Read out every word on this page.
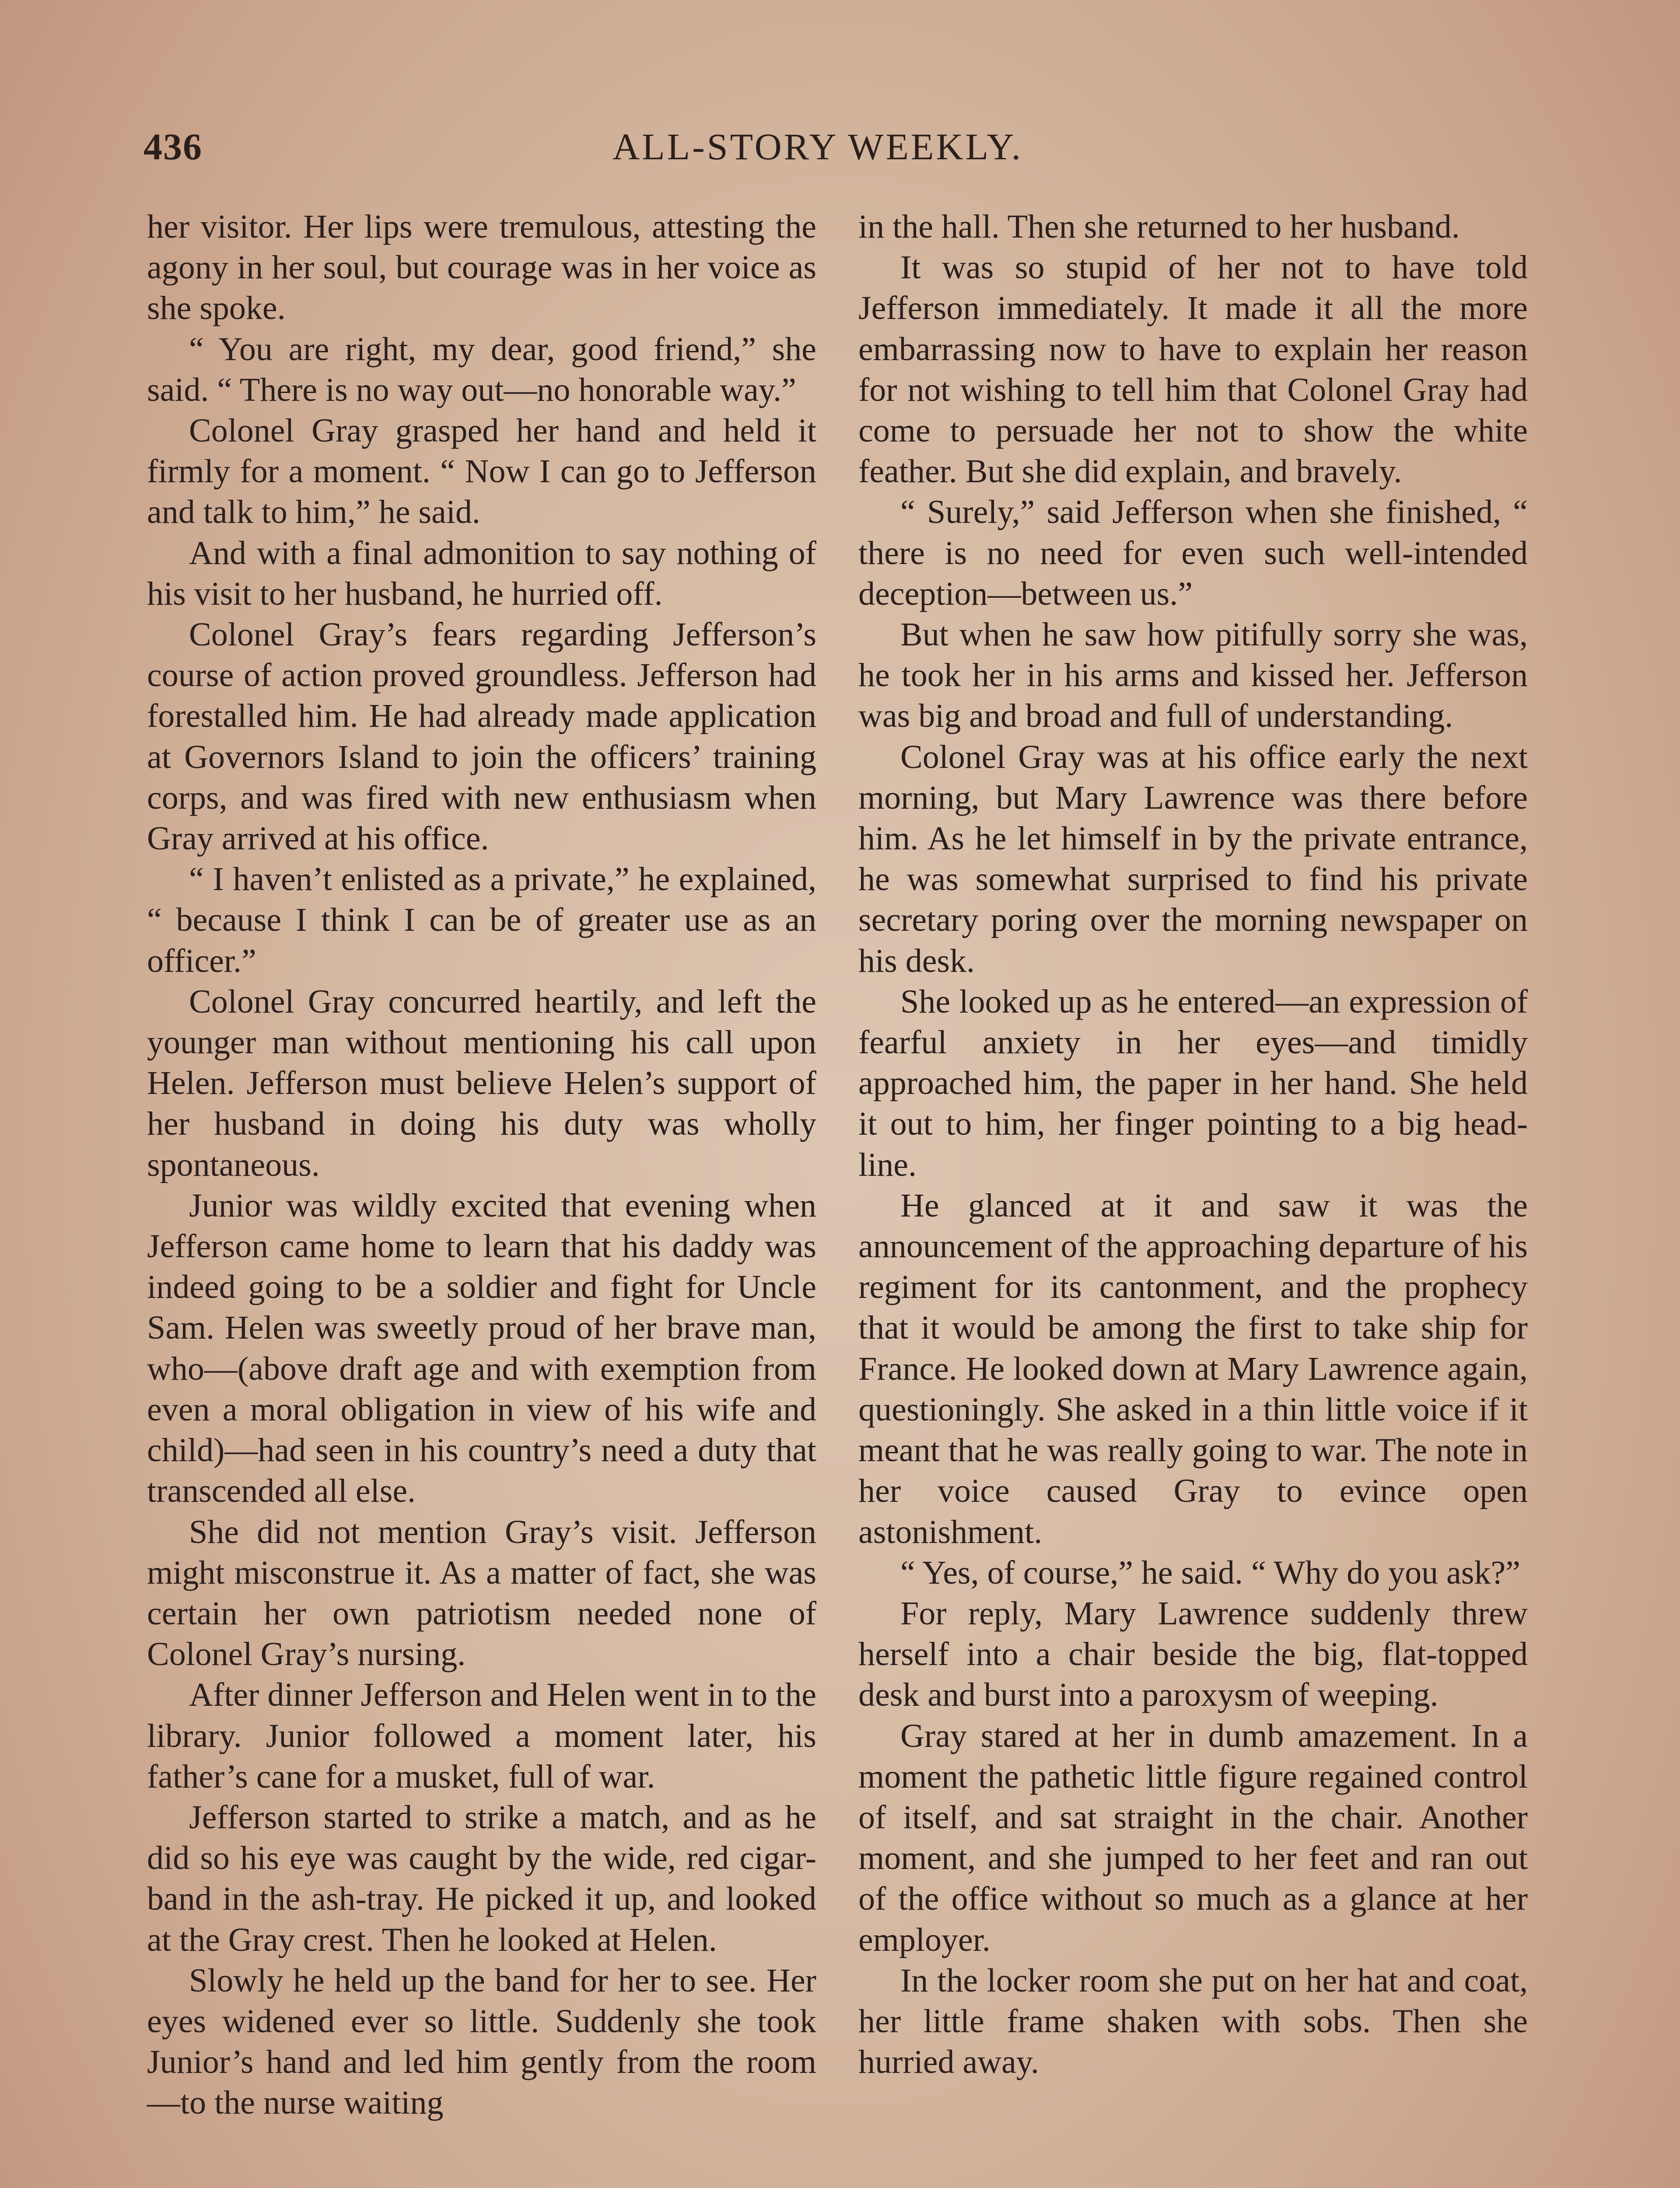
436	ALL-STORY WEEKLY.

her visitor. Her lips were tremulous, attesting the agony in her soul, but courage was in her voice as she spoke.

“ You are right, my dear, good friend,” she said. “ There is no way out—no honorable way.”

Colonel Gray grasped her hand and held it firmly for a moment. “ Now I can go to Jefferson and talk to him,” he said.

And with a final admonition to say nothing of his visit to her husband, he hurried off.

Colonel Gray’s fears regarding Jefferson’s course of action proved groundless. Jefferson had forestalled him. He had already made application at Governors Island to join the officers’ training corps, and was fired with new enthusiasm when Gray arrived at his office.

“ I haven’t enlisted as a private,” he explained, “ because I think I can be of greater use as an officer.”

Colonel Gray concurred heartily, and left the younger man without mentioning his call upon Helen. Jefferson must believe Helen’s support of her husband in doing his duty was wholly spontaneous.

Junior was wildly excited that evening when Jefferson came home to learn that his daddy was indeed going to be a soldier and fight for Uncle Sam. Helen was sweetly proud of her brave man, who—(above draft age and with exemption from even a moral obligation in view of his wife and child)—had seen in his country’s need a duty that transcended all else.

She did not mention Gray’s visit. Jefferson might misconstrue it. As a matter of fact, she was certain her own patriotism needed none of Colonel Gray’s nursing.

After dinner Jefferson and Helen went in to the library. Junior followed a moment later, his father’s cane for a musket, full of war.

Jefferson started to strike a match, and as he did so his eye was caught by the wide, red cigar-band in the ash-tray. He picked it up, and looked at the Gray crest. Then he looked at Helen.

Slowly he held up the band for her to see. Her eyes widened ever so little. Suddenly she took Junior’s hand and led him gently from the room—to the nurse waiting

in the hall. Then she returned to her husband.

It was so stupid of her not to have told Jefferson immediately. It made it all the more embarrassing now to have to explain her reason for not wishing to tell him that Colonel Gray had come to persuade her not to show the white feather. But she did explain, and bravely.

“ Surely,” said Jefferson when she finished, “ there is no need for even such well-intended deception—between us.”

But when he saw how pitifully sorry she was, he took her in his arms and kissed her. Jefferson was big and broad and full of understanding.

Colonel Gray was at his office early the next morning, but Mary Lawrence was there before him. As he let himself in by the private entrance, he was somewhat surprised to find his private secretary poring over the morning newspaper on his desk.

She looked up as he entered—an expression of fearful anxiety in her eyes—and timidly approached him, the paper in her hand. She held it out to him, her finger pointing to a big head-line.

He glanced at it and saw it was the announcement of the approaching departure of his regiment for its cantonment, and the prophecy that it would be among the first to take ship for France. He looked down at Mary Lawrence again, questioningly. She asked in a thin little voice if it meant that he was really going to war. The note in her voice caused Gray to evince open astonishment.

“ Yes, of course,” he said. “ Why do you ask?”

For reply, Mary Lawrence suddenly threw herself into a chair beside the big, flat-topped desk and burst into a paroxysm of weeping.

Gray stared at her in dumb amazement. In a moment the pathetic little figure regained control of itself, and sat straight in the chair. Another moment, and she jumped to her feet and ran out of the office without so much as a glance at her employer.

In the locker room she put on her hat and coat, her little frame shaken with sobs. Then she hurried away.
